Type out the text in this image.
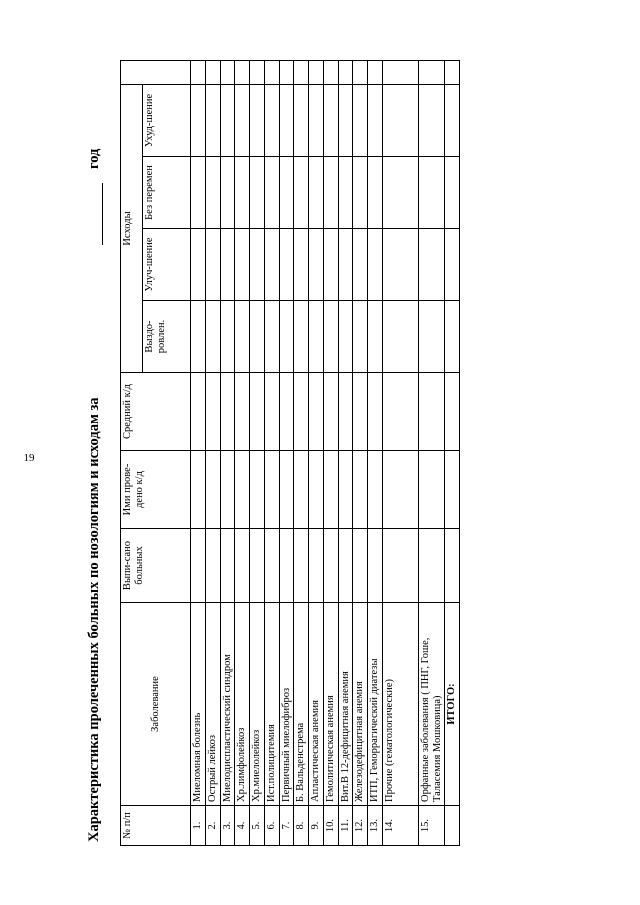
19	Характеристика пролеченных больных по нозологиям и исходам за
год
№ п/п	Заболевание	Выпи-сано больных	Ими прове-дено к/д	Средний к/д	Исходы				
					Выздо-ровлен.	Улуч-шение	Без перемен	Ухуд-шение	
1.	Миеломная болезнь								
2.	Острый лейкоз								
3.	Миелодиспластический синдром								
4.	Хр.лимфолейкоз								
5.	Хр.миелолейкоз								
6.	Ист.полицитемия								
7.	Первичный миелофиброз								
8.	Б. Вальденстрема								
9.	Апластическая анемия								
10.	Гемолитическая анемия								
11.	Вит.В 12-дефицитная анемия								
12.	Железодефицитная анемия								
13.	ИТП, Геморрагический диатезы								
14.	Прочие (гематологические)								
15.	Орфанные заболевания ( ПНГ, Гоше, Таласемия Мошковица)								
	ИТОГО:								
